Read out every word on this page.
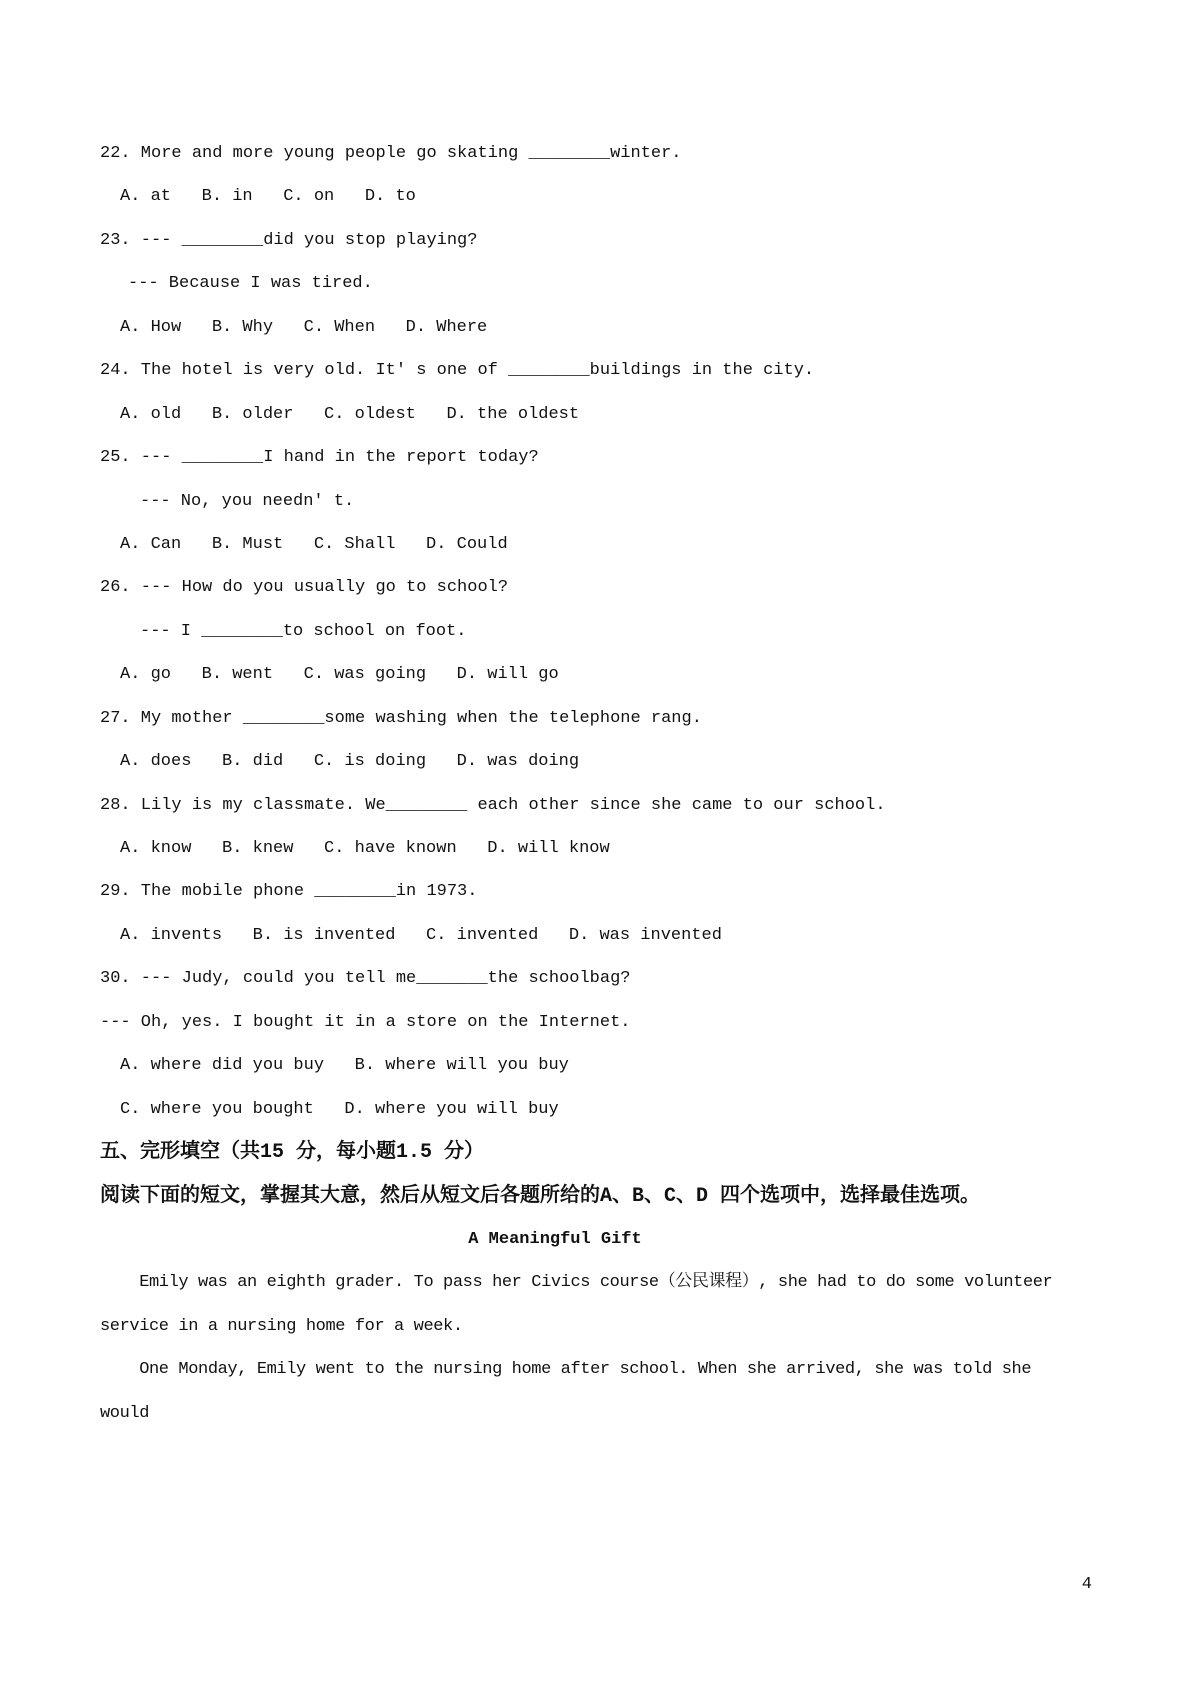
22. More and more young people go skating ________winter.
A. at   B. in   C. on   D. to
23. --- ________did you stop playing?
--- Because I was tired.
A. How   B. Why   C. When   D. Where
24. The hotel is very old. It' s one of ________buildings in the city.
A. old   B. older   C. oldest   D. the oldest
25. --- ________I hand in the report today?
--- No, you needn' t.
A. Can   B. Must   C. Shall   D. Could
26. --- How do you usually go to school?
--- I ________to school on foot.
A. go   B. went   C. was going   D. will go
27. My mother ________some washing when the telephone rang.
A. does   B. did   C. is doing   D. was doing
28. Lily is my classmate. We________ each other since she came to our school.
A. know   B. knew   C. have known   D. will know
29. The mobile phone ________in 1973.
A. invents   B. is invented   C. invented   D. was invented
30. --- Judy, could you tell me_______the schoolbag?
--- Oh, yes. I bought it in a store on the Internet.
A. where did you buy   B. where will you buy
C. where you bought   D. where you will buy
五、完形填空（共15 分，每小题1.5 分）
阅读下面的短文，掌握其大意，然后从短文后各题所给的A、B、C、D 四个选项中，选择最佳选项。
A Meaningful Gift
Emily was an eighth grader. To pass her Civics course（公民课程）, she had to do some volunteer
service in a nursing home for a week.
One Monday, Emily went to the nursing home after school. When she arrived, she was told she
would
4
